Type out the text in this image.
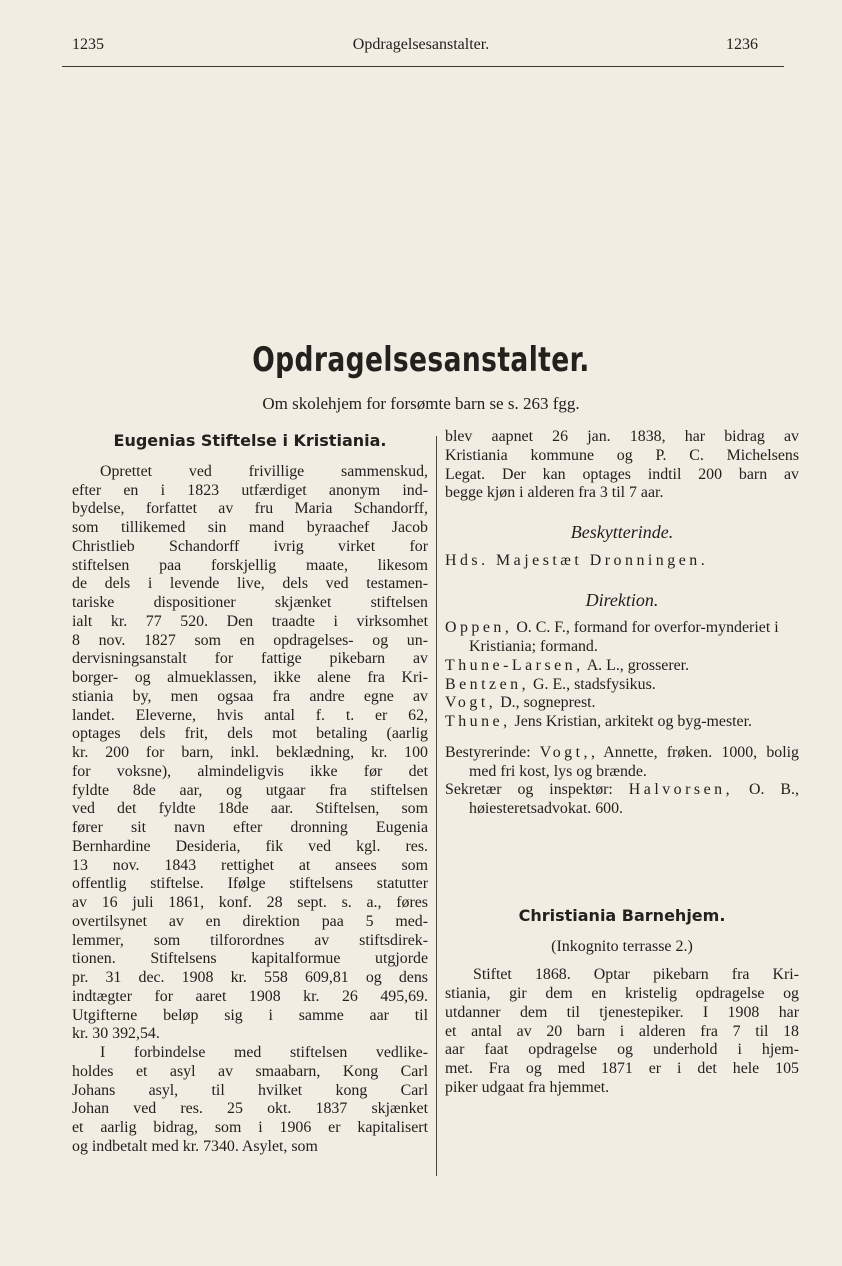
1235	Opdragelsesanstalter.	1236
Opdragelsesanstalter.
Om skolehjem for forsømte barn se s. 263 fgg.
Eugenias Stiftelse i Kristiania.

Oprettet ved frivillige sammenskud,

efter en i 1823 utfærdiget anonym ind-

bydelse, forfattet av fru Maria Schandorff,

som tillikemed sin mand byraachef Jacob

Christlieb Schandorff ivrig virket for

stiftelsen paa forskjellig maate, likesom

de dels i levende live, dels ved testamen-

tariske dispositioner skjænket stiftelsen

ialt kr. 77 520. Den traadte i virksomhet

8 nov. 1827 som en opdragelses- og un-

dervisningsanstalt for fattige pikebarn av

borger- og almueklassen, ikke alene fra Kri-

stiania by, men ogsaa fra andre egne av

landet. Eleverne, hvis antal f. t. er 62,

optages dels frit, dels mot betaling (aarlig

kr. 200 for barn, inkl. beklædning, kr. 100

for voksne), almindeligvis ikke før det

fyldte 8de aar, og utgaar fra stiftelsen

ved det fyldte 18de aar. Stiftelsen, som

fører sit navn efter dronning Eugenia

Bernhardine Desideria, fik ved kgl. res.

13 nov. 1843 rettighet at ansees som

offentlig stiftelse. Ifølge stiftelsens statutter

av 16 juli 1861, konf. 28 sept. s. a., føres

overtilsynet av en direktion paa 5 med-

lemmer, som tilforordnes av stiftsdirek-

tionen. Stiftelsens kapitalformue utgjorde

pr. 31 dec. 1908 kr. 558 609,81 og dens

indtægter for aaret 1908 kr. 26 495,69.

Utgifterne beløp sig i samme aar til

kr. 30 392,54.

I forbindelse med stiftelsen vedlike-

holdes et asyl av smaabarn, Kong Carl

Johans asyl, til hvilket kong Carl

Johan ved res. 25 okt. 1837 skjænket

et aarlig bidrag, som i 1906 er kapitalisert

og indbetalt med kr. 7340. Asylet, som

blev aapnet 26 jan. 1838, har bidrag av

Kristiania kommune og P. C. Michelsens

Legat. Der kan optages indtil 200 barn av

begge kjøn i alderen fra 3 til 7 aar.

Beskytterinde.

Hds. Majestæt Dronningen.

Direktion.

Oppen, O. C. F., formand for overfor-mynderiet i Kristiania; formand.

Thune-Larsen, A. L., grosserer.

Bentzen, G. E., stadsfysikus.

Vogt, D., sogneprest.

Thune, Jens Kristian, arkitekt og byg-mester.

Bestyrerinde: Vogt,, Annette, frøken. 1000, bolig med fri kost, lys og brænde.

Sekretær og inspektør: Halvorsen, O. B., høiesteretsadvokat. 600.

Christiania Barnehjem.
(Inkognito terrasse 2.)

Stiftet 1868. Optar pikebarn fra Kri-

stiania, gir dem en kristelig opdragelse og

utdanner dem til tjenestepiker. I 1908 har

et antal av 20 barn i alderen fra 7 til 18

aar faat opdragelse og underhold i hjem-

met. Fra og med 1871 er i det hele 105

piker udgaat fra hjemmet.
